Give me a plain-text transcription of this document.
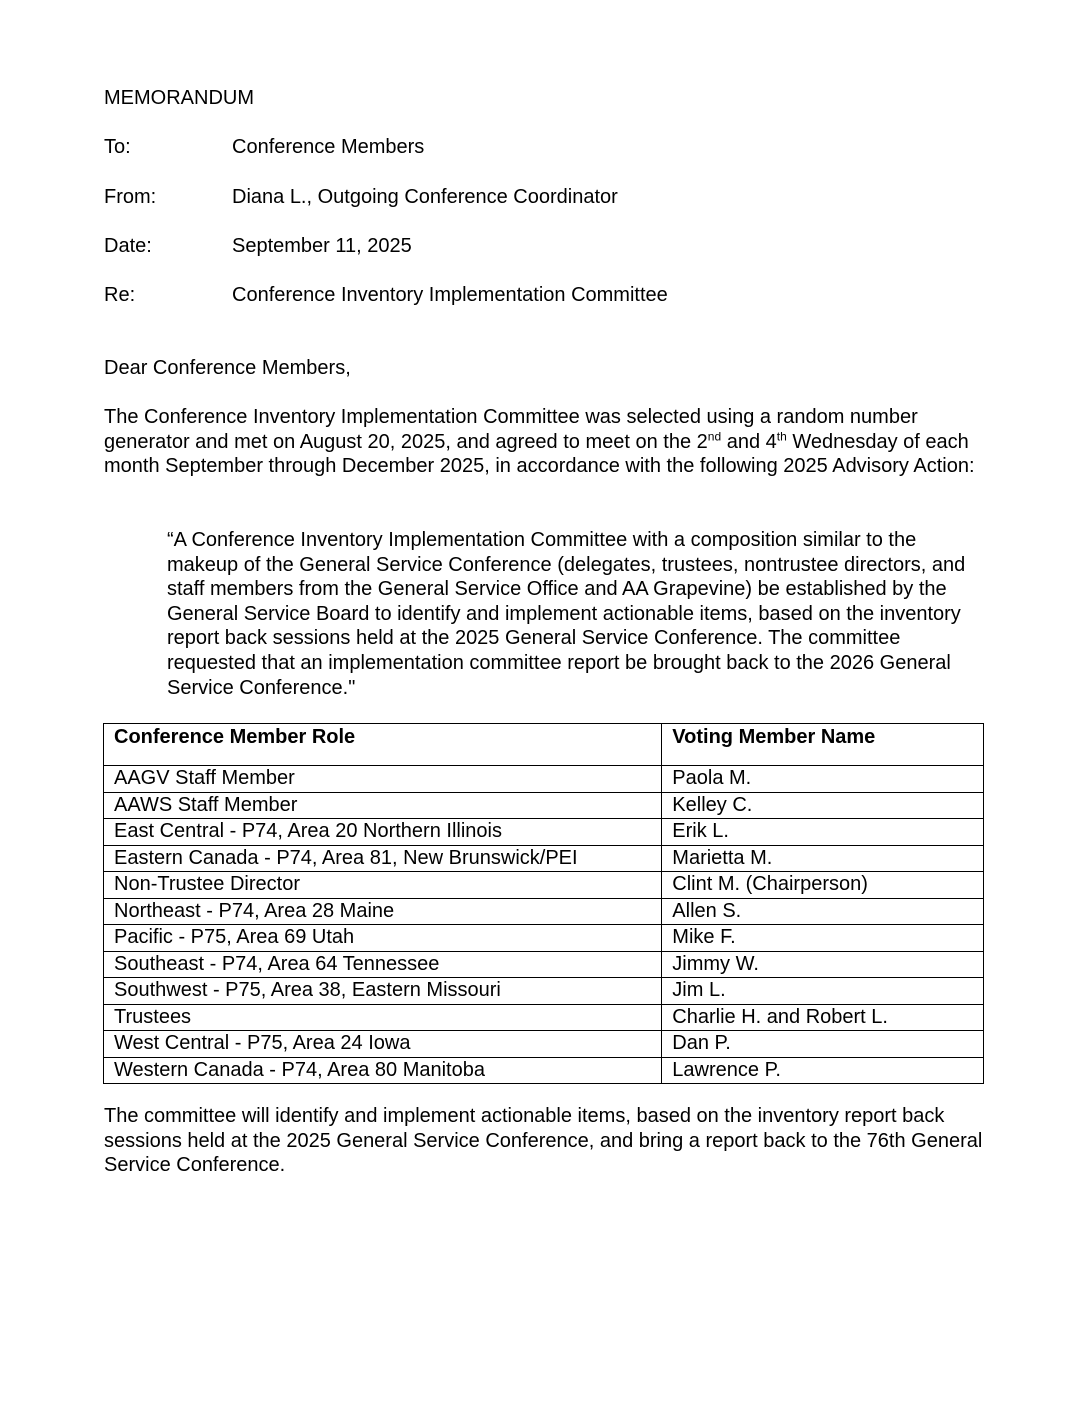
MEMORANDUM
To:	Conference Members
From:	Diana L., Outgoing Conference Coordinator
Date:	September 11, 2025
Re:	Conference Inventory Implementation Committee
Dear Conference Members,
The Conference Inventory Implementation Committee was selected using a random number generator and met on August 20, 2025, and agreed to meet on the 2nd and 4th Wednesday of each month September through December 2025, in accordance with the following 2025 Advisory Action:
“A Conference Inventory Implementation Committee with a composition similar to the makeup of the General Service Conference (delegates, trustees, nontrustee directors, and staff members from the General Service Office and AA Grapevine) be established by the General Service Board to identify and implement actionable items, based on the inventory report back sessions held at the 2025 General Service Conference. The committee requested that an implementation committee report be brought back to the 2026 General Service Conference."
Conference Member Role	Voting Member Name
AAGV Staff Member	Paola M.
AAWS Staff Member	Kelley C.
East Central - P74, Area 20 Northern Illinois	Erik L.
Eastern Canada - P74, Area 81, New Brunswick/PEI	Marietta M.
Non-Trustee Director	Clint M. (Chairperson)
Northeast - P74, Area 28 Maine	Allen S.
Pacific - P75, Area 69 Utah	Mike F.
Southeast - P74, Area 64 Tennessee	Jimmy W.
Southwest - P75, Area 38, Eastern Missouri	Jim L.
Trustees	Charlie H. and Robert L.
West Central - P75, Area 24 Iowa	Dan P.
Western Canada - P74, Area 80 Manitoba	Lawrence P.
The committee will identify and implement actionable items, based on the inventory report back sessions held at the 2025 General Service Conference, and bring a report back to the 76th General Service Conference.
